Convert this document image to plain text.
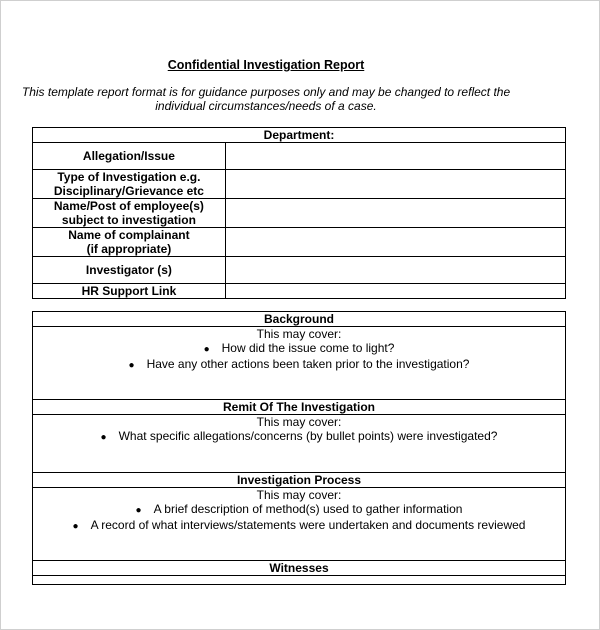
Confidential Investigation Report
This template report format is for guidance purposes only and may be changed to reflect the
individual circumstances/needs of a case.
Department:	

Allegation/Issue	

Type of Investigation e.g.
Disciplinary/Grievance etc	

Name/Post of employee(s)
subject to investigation	

Name of complainant
(if appropriate)	

Investigator (s)	

HR Support Link	

Background

This may cover:
● How did the issue come to light?
● Have any other actions been taken prior to the investigation?

Remit Of The Investigation

This may cover:
● What specific allegations/concerns (by bullet points) were investigated?

Investigation Process

This may cover:
● A brief description of method(s) used to gather information
● A record of what interviews/statements were undertaken and documents reviewed

Witnesses
